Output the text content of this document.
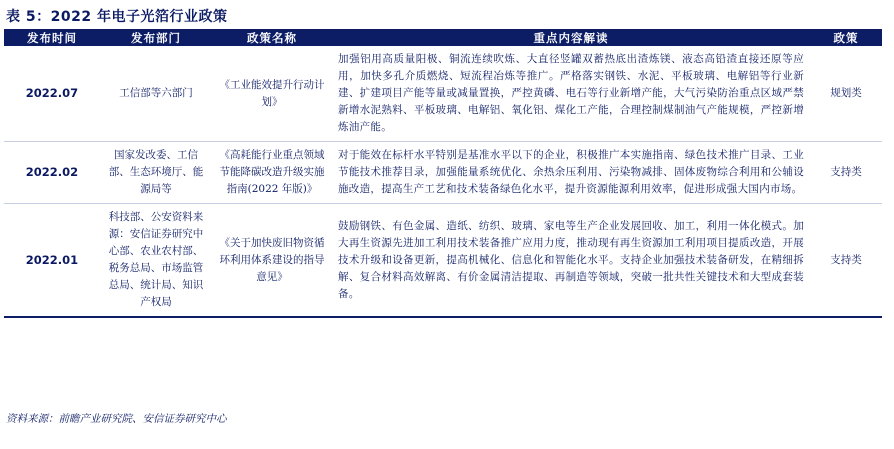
表 5：2022 年电子光箔行业政策
发布时间	发布部门	政策名称	重点内容解读	政策
2022.07	工信部等六部门	《工业能效提升行动计划》	加强铝用高质量阳极、铜流连续吹炼、大直径竖罐双蓄热底出渣炼镁、液态高铅渣直接还原等应用，加快多孔介质燃烧、短流程冶炼等推广。严格落实钢铁、水泥、平板玻璃、电解铝等行业新建、扩建项目产能等量或减量置换，严控黄磷、电石等行业新增产能，大气污染防治重点区域严禁新增水泥熟料、平板玻璃、电解铝、氧化铝、煤化工产能，合理控制煤制油气产能规模，严控新增炼油产能。	规划类
2022.02	国家发改委、工信部、生态环境厅、能源局等	《高耗能行业重点领域节能降碳改造升级实施指南(2022 年版)》	对于能效在标杆水平特别是基准水平以下的企业，积极推广本实施指南、绿色技术推广目录、工业节能技术推荐目录，加强能量系统优化、余热余压利用、污染物减排、固体废物综合利用和公辅设施改造，提高生产工艺和技术装备绿色化水平，提升资源能源利用效率，促进形成强大国内市场。	支持类
2022.01	科技部、公安资料来源：安信证券研究中心部、农业农村部、税务总局、市场监管总局、统计局、知识产权局	《关于加快废旧物资循环利用体系建设的指导意见》	鼓励钢铁、有色金属、造纸、纺织、玻璃、家电等生产企业发展回收、加工，利用一体化模式。加大再生资源先进加工利用技术装备推广应用力度，推动现有再生资源加工利用项目提质改造，开展技术升级和设备更新，提高机械化、信息化和智能化水平。支持企业加强技术装备研发，在精细拆解、复合材料高效解离、有价金属清洁提取、再制造等领域，突破一批共性关键技术和大型成套装备。	支持类
资料来源：前瞻产业研究院、安信证券研究中心
